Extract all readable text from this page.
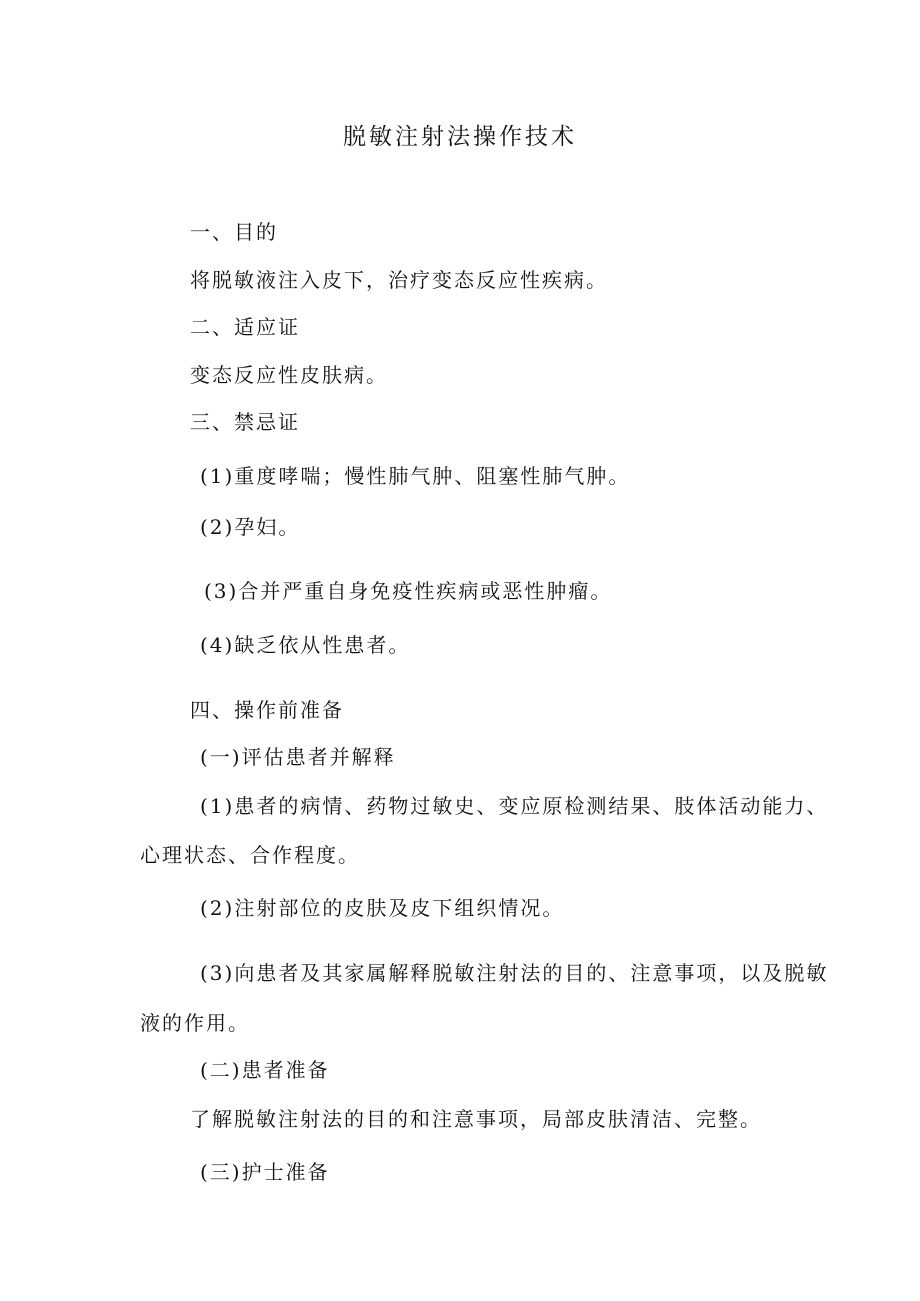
脱敏注射法操作技术
一、目的
将脱敏液注入皮下，治疗变态反应性疾病。
二、适应证
变态反应性皮肤病。
三、禁忌证
(1)重度哮喘；慢性肺气肿、阻塞性肺气肿。
(2)孕妇。
(3)合并严重自身免疫性疾病或恶性肿瘤。
(4)缺乏依从性患者。
四、操作前准备
(一)评估患者并解释
(1)患者的病情、药物过敏史、变应原检测结果、肢体活动能力、
心理状态、合作程度。
(2)注射部位的皮肤及皮下组织情况。
(3)向患者及其家属解释脱敏注射法的目的、注意事项，以及脱敏
液的作用。
(二)患者准备
了解脱敏注射法的目的和注意事项，局部皮肤清洁、完整。
(三)护士准备
